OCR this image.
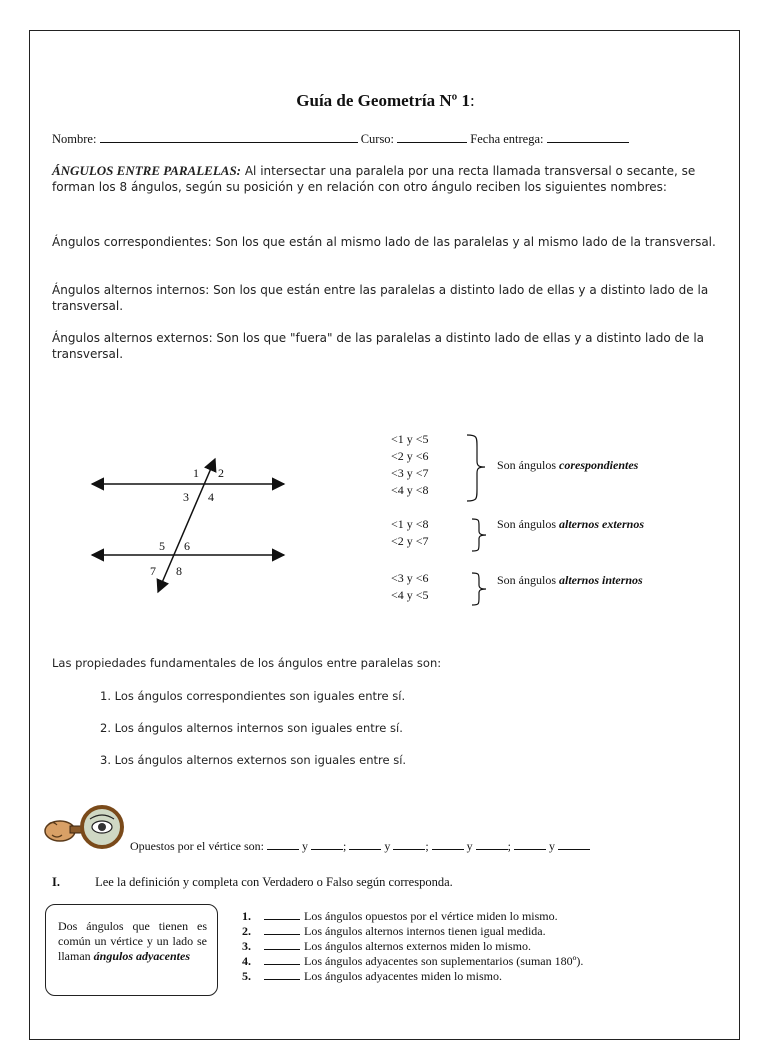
Guía de Geometría Nº 1:
Nombre:	Curso:	Fecha entrega:
ÁNGULOS ENTRE PARALELAS: Al intersectar una paralela por una recta llamada transversal o secante, se forman los 8 ángulos, según su posición y en relación con otro ángulo reciben los siguientes nombres:
Ángulos correspondientes: Son los que están al mismo lado de las paralelas y al mismo lado de la transversal.
Ángulos alternos internos: Son los que están entre las paralelas a distinto lado de ellas y a distinto lado de la transversal.
Ángulos alternos externos: Son los que "fuera" de las paralelas a distinto lado de ellas y a distinto lado de la transversal.
1 2
3 4
5 6
7 8
<1 y <5
<2 y <6
<3 y <7
<4 y <8
Son ángulos corespondientes
<1 y <8
<2 y <7
Son ángulos alternos externos
<3 y <6
<4 y <5
Son ángulos alternos internos
Las propiedades fundamentales de los ángulos entre paralelas son:
1. Los ángulos correspondientes son iguales entre sí.
2. Los ángulos alternos internos son iguales entre sí.
3. Los ángulos alternos externos son iguales entre sí.
Opuestos por el vértice son:	y	;	y	;	y	;	y
I.	Lee la definición y completa con Verdadero o Falso según corresponda.
Dos ángulos que tienen es común un vértice y un lado se llaman ángulos adyacentes
1.	Los ángulos opuestos por el vértice miden lo mismo.
2.	Los ángulos alternos internos tienen igual medida.
3.	Los ángulos alternos externos miden lo mismo.
4.	Los ángulos adyacentes son suplementarios (suman 180º).
5.	Los ángulos adyacentes miden lo mismo.
